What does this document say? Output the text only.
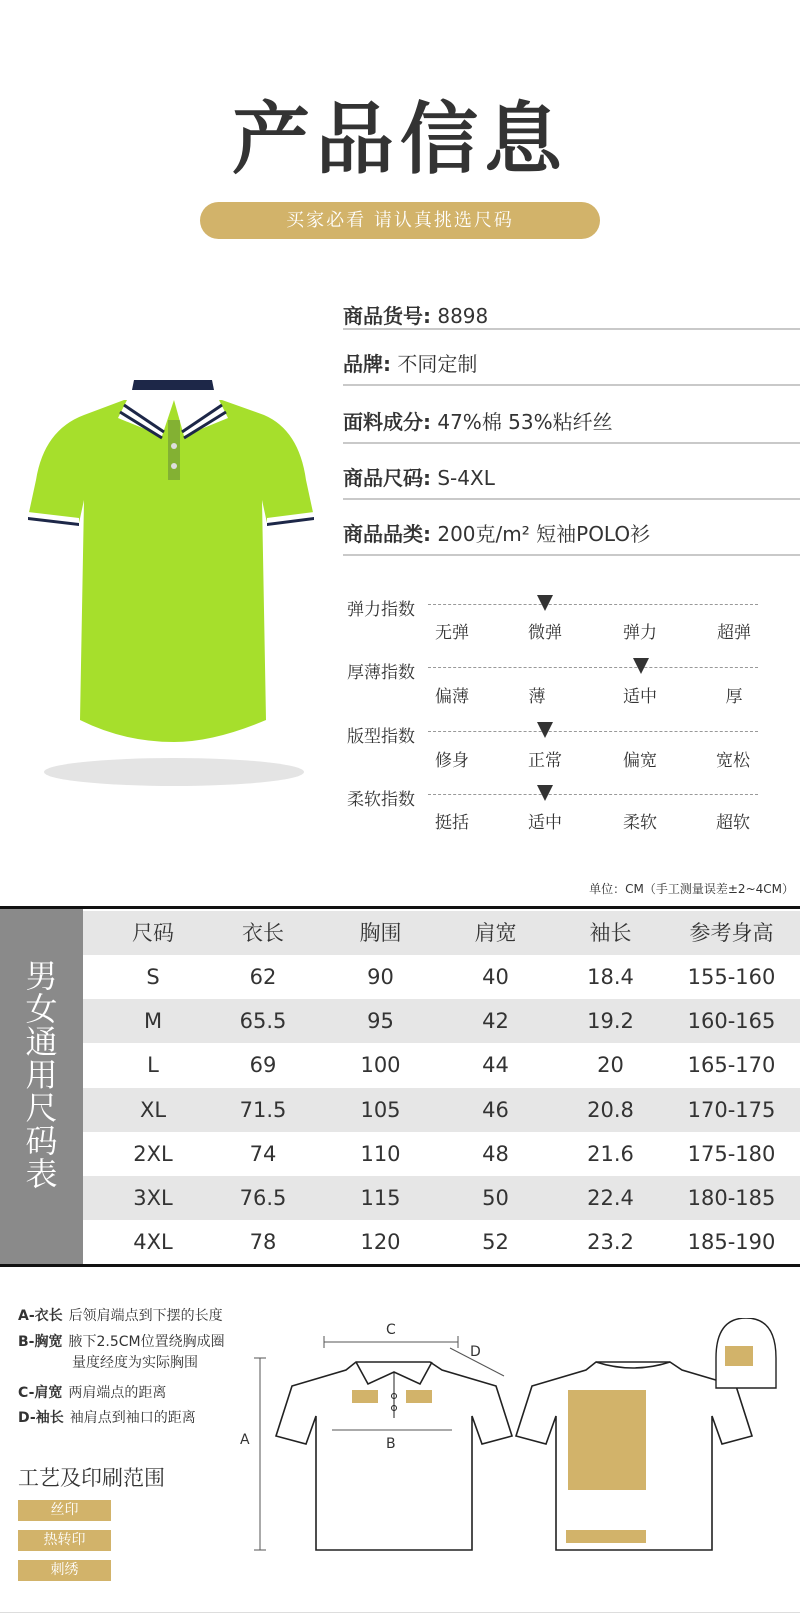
产品信息
买家必看 请认真挑选尺码
商品货号: 8898
品牌: 不同定制
面料成分: 47%棉 53%粘纤丝
商品尺码: S-4XL
商品品类: 200克/m² 短袖POLO衫
弹力指数
无弹	微弹	弹力	超弹
厚薄指数
偏薄	薄	适中	厚
版型指数
修身	正常	偏宽	宽松
柔软指数
挺括	适中	柔软	超软
单位：CM（手工测量误差±2~4CM）
男
女
通
用
尺
码
表
尺码	衣长	胸围	肩宽	袖长	参考身高
S	62	90	40	18.4	155-160
M	65.5	95	42	19.2	160-165
L	69	100	44	20	165-170
XL	71.5	105	46	20.8	170-175
2XL	74	110	48	21.6	175-180
3XL	76.5	115	50	22.4	180-185
4XL	78	120	52	23.2	185-190
A-衣长 后领肩端点到下摆的长度
B-胸宽 腋下2.5CM位置绕胸成圈
量度经度为实际胸围
C-肩宽 两肩端点的距离
D-袖长 袖肩点到袖口的距离
工艺及印刷范围
丝印
热转印
刺绣
A	B
C
D
